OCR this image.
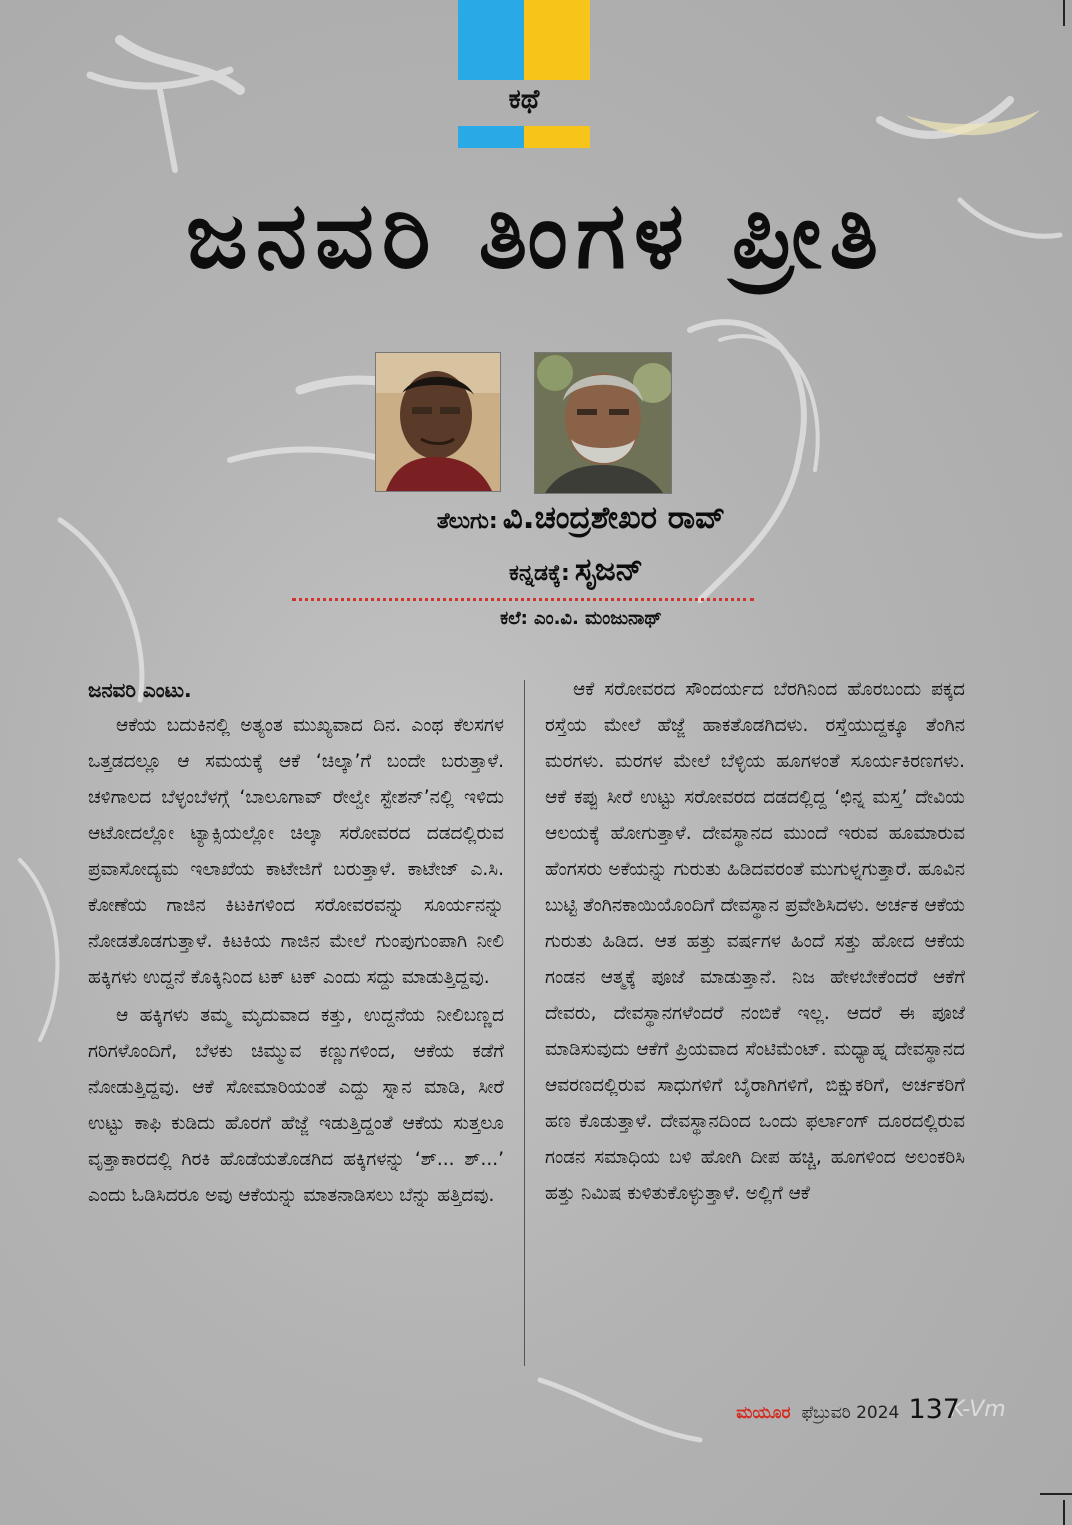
K-Vm
ಕಥೆ
ಜನವರಿ ತಿಂಗಳ ಪ್ರೀತಿ
ತೆಲುಗು: ವಿ.ಚಂದ್ರಶೇಖರ ರಾವ್
ಕನ್ನಡಕ್ಕೆ: ಸೃಜನ್
ಕಲೆ: ಎಂ.ವಿ. ಮಂಜುನಾಥ್

ಜನವರಿ ಎಂಟು.

ಆಕೆಯ ಬದುಕಿನಲ್ಲಿ ಅತ್ಯಂತ ಮುಖ್ಯವಾದ ದಿನ. ಎಂಥ ಕೆಲಸಗಳ ಒತ್ತಡದಲ್ಲೂ ಆ ಸಮಯಕ್ಕೆ ಆಕೆ ‘ಚಿಲ್ಕಾ’ಗೆ ಬಂದೇ ಬರುತ್ತಾಳೆ. ಚಳಿಗಾಲದ ಬೆಳ್ಳಂಬೆಳಗ್ಗೆ ‘ಬಾಲೂಗಾವ್ ರೇಲ್ವೇ ಸ್ಟೇಶನ್’ನಲ್ಲಿ ಇಳಿದು ಆಟೋದಲ್ಲೋ ಟ್ಯಾಕ್ಸಿಯಲ್ಲೋ ಚಿಲ್ಕಾ ಸರೋವರದ ದಡದಲ್ಲಿರುವ ಪ್ರವಾಸೋದ್ಯಮ ಇಲಾಖೆಯ ಕಾಟೇಜಿಗೆ ಬರುತ್ತಾಳೆ. ಕಾಟೇಜ್ ಎ.ಸಿ. ಕೋಣೆಯ ಗಾಜಿನ ಕಿಟಕಿಗಳಿಂದ ಸರೋವರವನ್ನು ಸೂರ್ಯನನ್ನು ನೋಡತೊಡಗುತ್ತಾಳೆ. ಕಿಟಕಿಯ ಗಾಜಿನ ಮೇಲೆ ಗುಂಪುಗುಂಪಾಗಿ ನೀಲಿ ಹಕ್ಕಿಗಳು ಉದ್ದನೆ ಕೊಕ್ಕಿನಿಂದ ಟಕ್ ಟಕ್ ಎಂದು ಸದ್ದು ಮಾಡುತ್ತಿದ್ದವು.

ಆ ಹಕ್ಕಿಗಳು ತಮ್ಮ ಮೃದುವಾದ ಕತ್ತು, ಉದ್ದನೆಯ ನೀಲಿಬಣ್ಣದ ಗರಿಗಳೊಂದಿಗೆ, ಬೆಳಕು ಚಿಮ್ಮುವ ಕಣ್ಣುಗಳಿಂದ, ಆಕೆಯ ಕಡೆಗೆ ನೋಡುತ್ತಿದ್ದವು. ಆಕೆ ಸೋಮಾರಿಯಂತೆ ಎದ್ದು ಸ್ನಾನ ಮಾಡಿ, ಸೀರೆ ಉಟ್ಟು ಕಾಫಿ ಕುಡಿದು ಹೊರಗೆ ಹೆಜ್ಜೆ ಇಡುತ್ತಿದ್ದಂತೆ ಆಕೆಯ ಸುತ್ತಲೂ ವೃತ್ತಾಕಾರದಲ್ಲಿ ಗಿರಕಿ ಹೊಡೆಯತೊಡಗಿದ ಹಕ್ಕಿಗಳನ್ನು ‘ಶ್... ಶ್...’ ಎಂದು ಓಡಿಸಿದರೂ ಅವು ಆಕೆಯನ್ನು ಮಾತನಾಡಿಸಲು ಬೆನ್ನು ಹತ್ತಿದವು.

ಆಕೆ ಸರೋವರದ ಸೌಂದರ್ಯದ ಬೆರಗಿನಿಂದ ಹೊರಬಂದು ಪಕ್ಕದ ರಸ್ತೆಯ ಮೇಲೆ ಹೆಜ್ಜೆ ಹಾಕತೊಡಗಿದಳು. ರಸ್ತೆಯುದ್ದಕ್ಕೂ ತೆಂಗಿನ ಮರಗಳು. ಮರಗಳ ಮೇಲೆ ಬೆಳ್ಳಿಯ ಹೂಗಳಂತೆ ಸೂರ್ಯಕಿರಣಗಳು. ಆಕೆ ಕಪ್ಪು ಸೀರೆ ಉಟ್ಟು ಸರೋವರದ ದಡದಲ್ಲಿದ್ದ ‘ಛಿನ್ನ ಮಸ್ತ’ ದೇವಿಯ ಆಲಯಕ್ಕೆ ಹೋಗುತ್ತಾಳೆ. ದೇವಸ್ಥಾನದ ಮುಂದೆ ಇರುವ ಹೂಮಾರುವ ಹೆಂಗಸರು ಅಕೆಯನ್ನು ಗುರುತು ಹಿಡಿದವರಂತೆ ಮುಗುಳ್ನಗುತ್ತಾರೆ. ಹೂವಿನ ಬುಟ್ಟಿ ತೆಂಗಿನಕಾಯಿಯೊಂದಿಗೆ ದೇವಸ್ಥಾನ ಪ್ರವೇಶಿಸಿದಳು. ಅರ್ಚಕ ಆಕೆಯ ಗುರುತು ಹಿಡಿದ. ಆತ ಹತ್ತು ವರ್ಷಗಳ ಹಿಂದೆ ಸತ್ತು ಹೋದ ಆಕೆಯ ಗಂಡನ ಆತ್ಮಕ್ಕೆ ಪೂಜೆ ಮಾಡುತ್ತಾನೆ. ನಿಜ ಹೇಳಬೇಕೆಂದರೆ ಆಕೆಗೆ ದೇವರು, ದೇವಸ್ಥಾನಗಳೆಂದರೆ ನಂಬಿಕೆ ಇಲ್ಲ. ಆದರೆ ಈ ಪೂಜೆ ಮಾಡಿಸುವುದು ಆಕೆಗೆ ಪ್ರಿಯವಾದ ಸೆಂಟಿಮೆಂಟ್. ಮಧ್ಯಾಹ್ನ ದೇವಸ್ಥಾನದ ಆವರಣದಲ್ಲಿರುವ ಸಾಧುಗಳಿಗೆ ಬೈರಾಗಿಗಳಿಗೆ, ಬಿಕ್ಷುಕರಿಗೆ, ಅರ್ಚಕರಿಗೆ ಹಣ ಕೊಡುತ್ತಾಳೆ. ದೇವಸ್ಥಾನದಿಂದ ಒಂದು ಫರ್ಲಾಂಗ್ ದೂರದಲ್ಲಿರುವ ಗಂಡನ ಸಮಾಧಿಯ ಬಳಿ ಹೋಗಿ ದೀಪ ಹಚ್ಚಿ, ಹೂಗಳಿಂದ ಅಲಂಕರಿಸಿ ಹತ್ತು ನಿಮಿಷ ಕುಳಿತುಕೊಳ್ಳುತ್ತಾಳೆ. ಅಲ್ಲಿಗೆ ಆಕೆ

ಮಯೂರ ಫೆಬ್ರುವರಿ 2024 137
